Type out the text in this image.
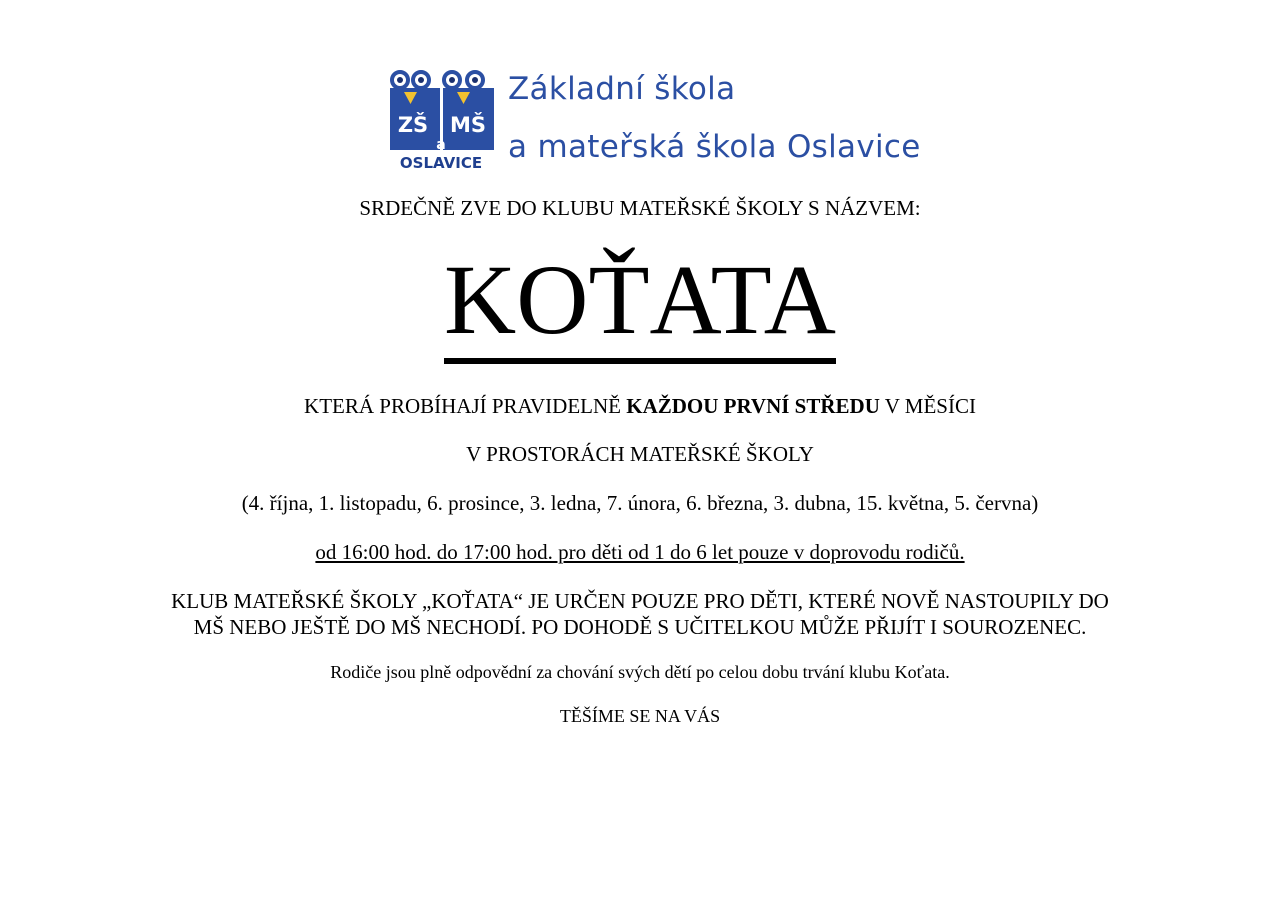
ZŠ MŠ
a
OSLAVICE
Základní škola
a mateřská škola Oslavice
SRDEČNĚ ZVE DO KLUBU MATEŘSKÉ ŠKOLY S NÁZVEM:
KOŤATA
KTERÁ PROBÍHAJÍ PRAVIDELNĚ KAŽDOU PRVNÍ STŘEDU V MĚSÍCI
V PROSTORÁCH MATEŘSKÉ ŠKOLY
(4. října, 1. listopadu, 6. prosince, 3. ledna, 7. února, 6. března, 3. dubna, 15. května, 5. června)
od 16:00 hod. do 17:00 hod. pro děti od 1 do 6 let pouze v doprovodu rodičů.
KLUB MATEŘSKÉ ŠKOLY „KOŤATA“ JE URČEN POUZE PRO DĚTI, KTERÉ NOVĚ NASTOUPILY DO
MŠ NEBO JEŠTĚ DO MŠ NECHODÍ. PO DOHODĚ S UČITELKOU MŮŽE PŘIJÍT I SOUROZENEC.
Rodiče jsou plně odpovědní za chování svých dětí po celou dobu trvání klubu Koťata.
TĚŠÍME SE NA VÁS
